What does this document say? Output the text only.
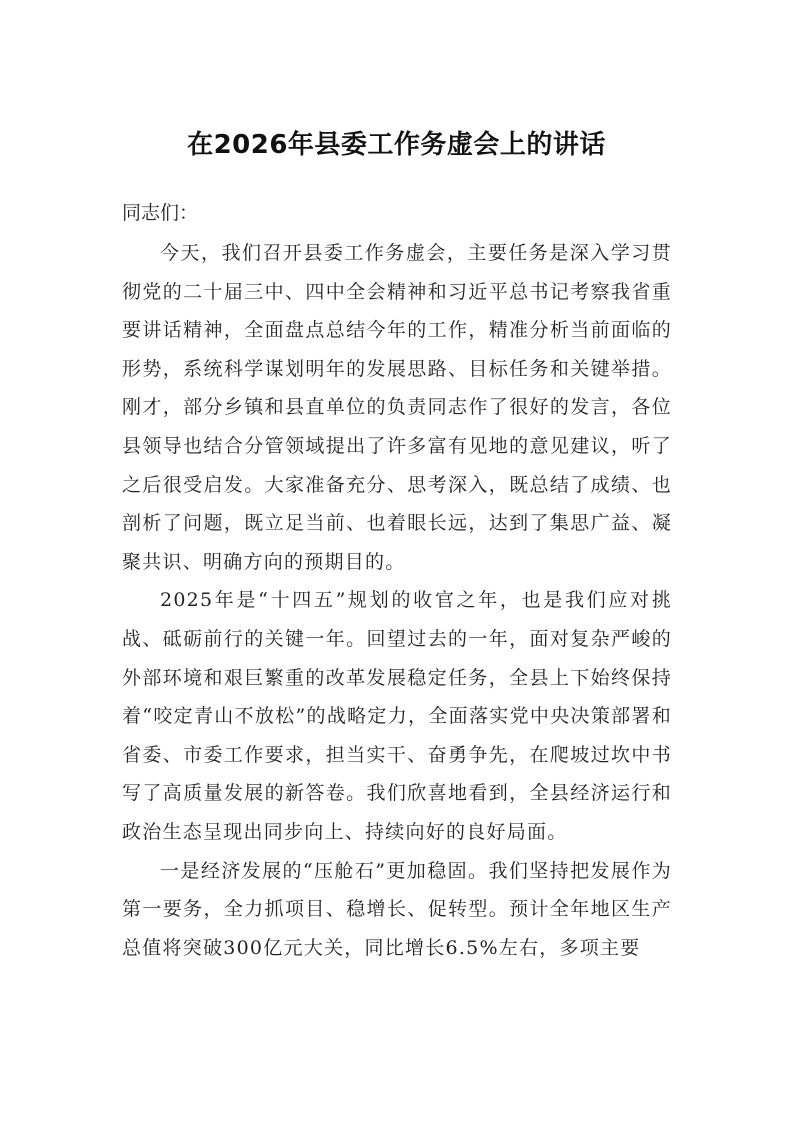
在2026年县委工作务虚会上的讲话
同志们：

今天，我们召开县委工作务虚会，主要任务是深入学习贯彻党的二十届三中、四中全会精神和习近平总书记考察我省重要讲话精神，全面盘点总结今年的工作，精准分析当前面临的形势，系统科学谋划明年的发展思路、目标任务和关键举措。刚才，部分乡镇和县直单位的负责同志作了很好的发言，各位县领导也结合分管领域提出了许多富有见地的意见建议，听了之后很受启发。大家准备充分、思考深入，既总结了成绩、也剖析了问题，既立足当前、也着眼长远，达到了集思广益、凝聚共识、明确方向的预期目的。

2025年是“十四五”规划的收官之年，也是我们应对挑战、砥砺前行的关键一年。回望过去的一年，面对复杂严峻的外部环境和艰巨繁重的改革发展稳定任务，全县上下始终保持着“咬定青山不放松”的战略定力，全面落实党中央决策部署和省委、市委工作要求，担当实干、奋勇争先，在爬坡过坎中书写了高质量发展的新答卷。我们欣喜地看到，全县经济运行和政治生态呈现出同步向上、持续向好的良好局面。

一是经济发展的“压舱石”更加稳固。我们坚持把发展作为第一要务，全力抓项目、稳增长、促转型。预计全年地区生产总值将突破300亿元大关，同比增长6.5%左右，多项主要
